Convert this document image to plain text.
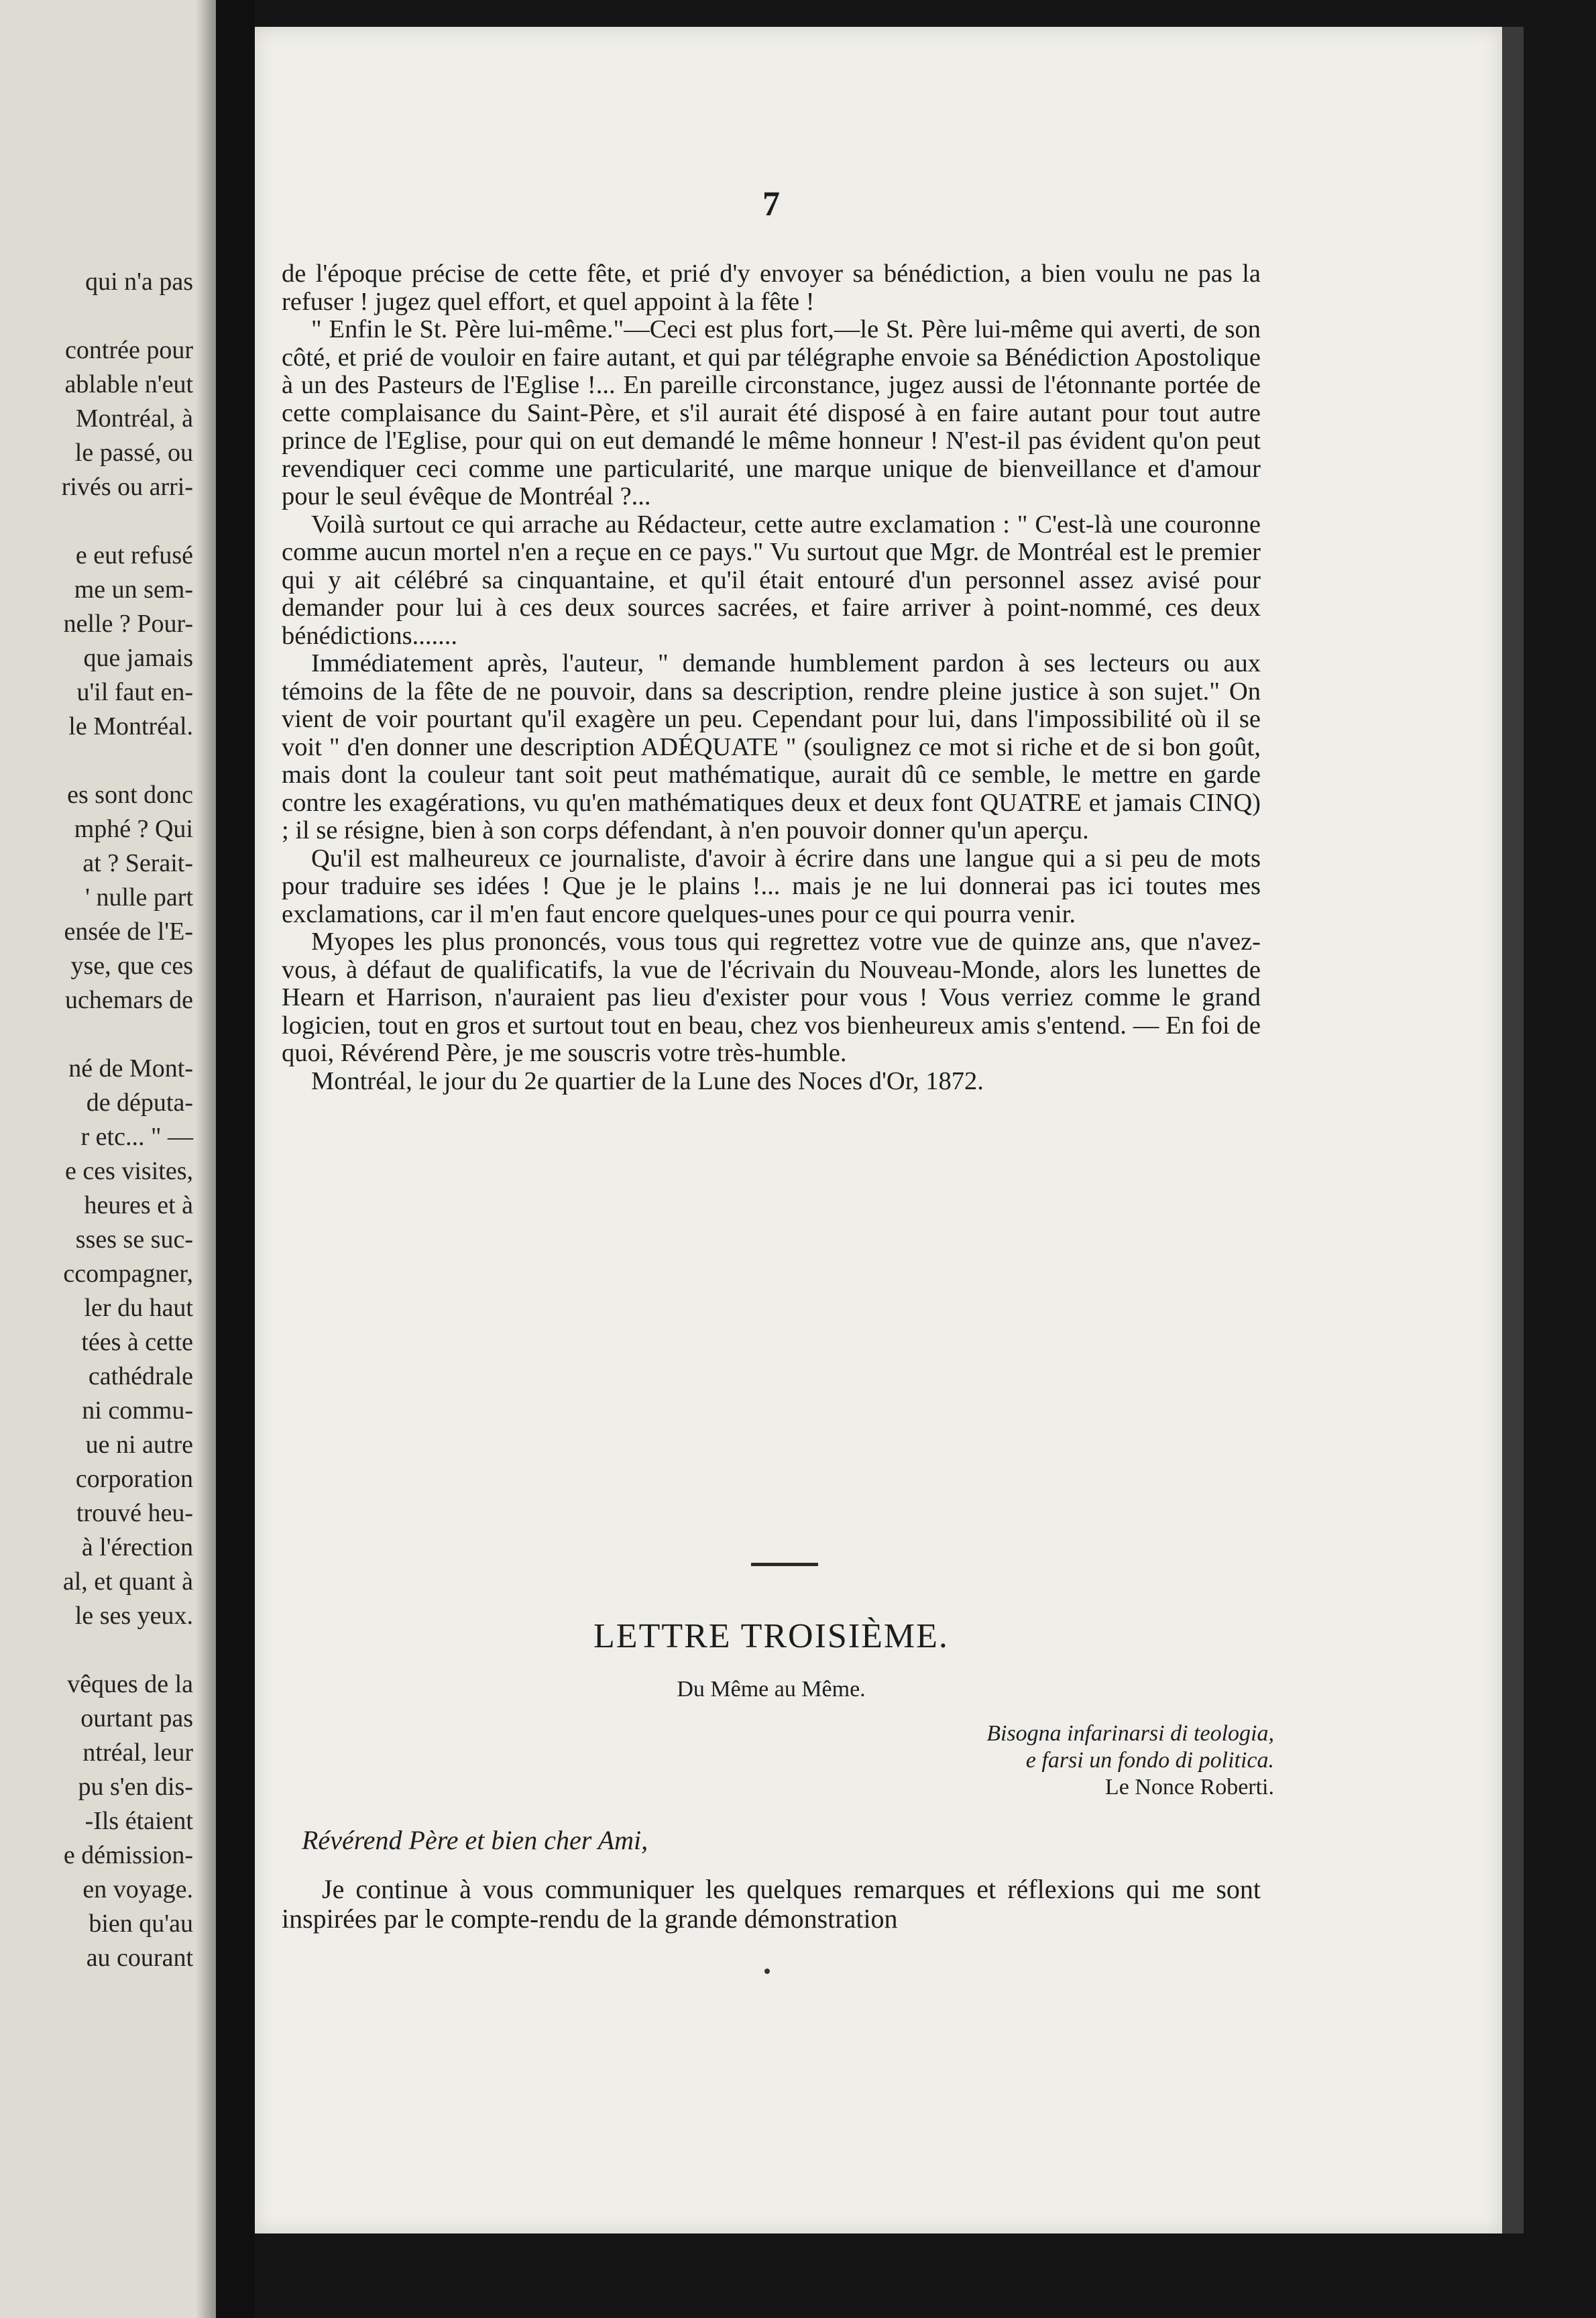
qui n'a pas
contrée pour
ablable n'eut
Montréal, à
le passé, ou
rivés ou arri-
e eut refusé
me un sem-
nelle ? Pour-
que jamais
u'il faut en-
le Montréal.
es sont donc
mphé ? Qui
at ? Serait-
' nulle part
ensée de l'E-
yse, que ces
uchemars de
né de Mont-
de députa-
r etc... " —
e ces visites,
heures et à
sses se suc-
ccompagner,
ler du haut
tées à cette
cathédrale
ni commu-
ue ni autre
corporation
trouvé heu-
à l'érection
al, et quant à
le ses yeux.
vêques de la
ourtant pas
ntréal, leur
pu s'en dis-
-Ils étaient
e démission-
en voyage.
bien qu'au
au courant
7

de l'époque précise de cette fête, et prié d'y envoyer sa bénédiction, a bien voulu ne pas la refuser ! jugez quel effort, et quel appoint à la fête !

" Enfin le St. Père lui-même."—Ceci est plus fort,—le St. Père lui-même qui averti, de son côté, et prié de vouloir en faire autant, et qui par télégraphe envoie sa Bénédiction Apostolique à un des Pasteurs de l'Eglise !... En pareille circonstance, jugez aussi de l'étonnante portée de cette complaisance du Saint-Père, et s'il aurait été disposé à en faire autant pour tout autre prince de l'Eglise, pour qui on eut demandé le même honneur ! N'est-il pas évident qu'on peut revendiquer ceci comme une particularité, une marque unique de bienveillance et d'amour pour le seul évêque de Montréal ?...

Voilà surtout ce qui arrache au Rédacteur, cette autre exclamation : " C'est-là une couronne comme aucun mortel n'en a reçue en ce pays." Vu surtout que Mgr. de Montréal est le premier qui y ait célébré sa cinquantaine, et qu'il était entouré d'un personnel assez avisé pour demander pour lui à ces deux sources sacrées, et faire arriver à point-nommé, ces deux bénédictions.......

Immédiatement après, l'auteur, " demande humblement pardon à ses lecteurs ou aux témoins de la fête de ne pouvoir, dans sa description, rendre pleine justice à son sujet." On vient de voir pourtant qu'il exagère un peu. Cependant pour lui, dans l'impossibilité où il se voit " d'en donner une description ADÉQUATE " (soulignez ce mot si riche et de si bon goût, mais dont la couleur tant soit peut mathématique, aurait dû ce semble, le mettre en garde contre les exagérations, vu qu'en mathématiques deux et deux font QUATRE et jamais CINQ) ; il se résigne, bien à son corps défendant, à n'en pouvoir donner qu'un aperçu.

Qu'il est malheureux ce journaliste, d'avoir à écrire dans une langue qui a si peu de mots pour traduire ses idées ! Que je le plains !... mais je ne lui donnerai pas ici toutes mes exclamations, car il m'en faut encore quelques-unes pour ce qui pourra venir.

Myopes les plus prononcés, vous tous qui regrettez votre vue de quinze ans, que n'avez-vous, à défaut de qualificatifs, la vue de l'écrivain du Nouveau-Monde, alors les lunettes de Hearn et Harrison, n'auraient pas lieu d'exister pour vous ! Vous verriez comme le grand logicien, tout en gros et surtout tout en beau, chez vos bienheureux amis s'entend. — En foi de quoi, Révérend Père, je me souscris votre très-humble.

Montréal, le jour du 2e quartier de la Lune des Noces d'Or, 1872.

LETTRE TROISIÈME.
Du Même au Même.
Bisogna infarinarsi di teologia,
e farsi un fondo di politica.
Le Nonce Roberti.
Révérend Père et bien cher Ami,

Je continue à vous communiquer les quelques remarques et réflexions qui me sont inspirées par le compte-rendu de la grande démonstration
